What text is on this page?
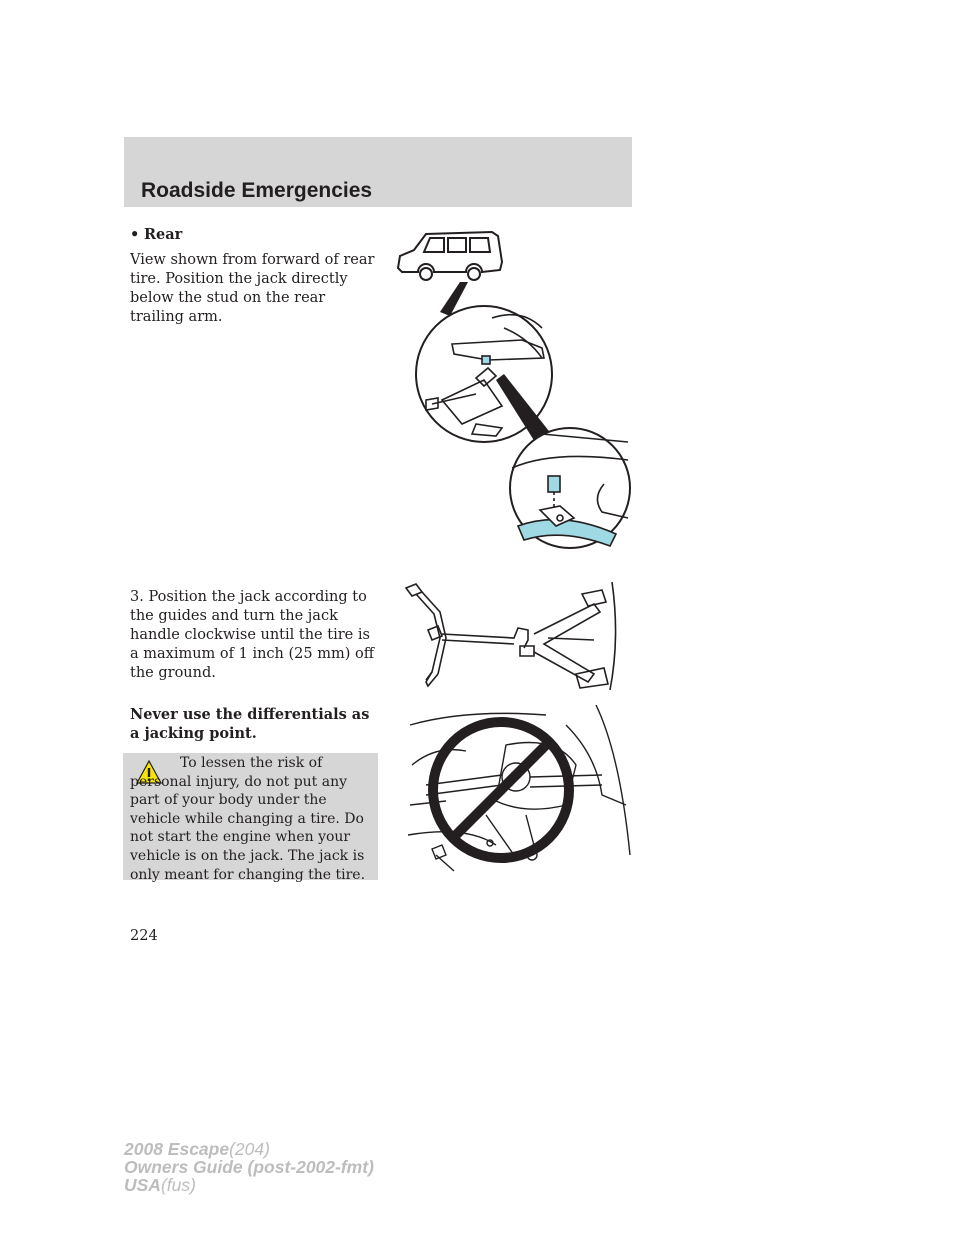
Roadside Emergencies
• Rear
View shown from forward of rear tire. Position the jack directly below the stud on the rear trailing arm.
3. Position the jack according to the guides and turn the jack handle clockwise until the tire is a maximum of 1 inch (25 mm) off the ground.
Never use the differentials as a jacking point.
To lessen the risk of personal injury, do not put any part of your body under the vehicle while changing a tire. Do not start the engine when your vehicle is on the jack. The jack is only meant for changing the tire.
224
2008 Escape(204)
Owners Guide (post-2002-fmt)
USA(fus)
